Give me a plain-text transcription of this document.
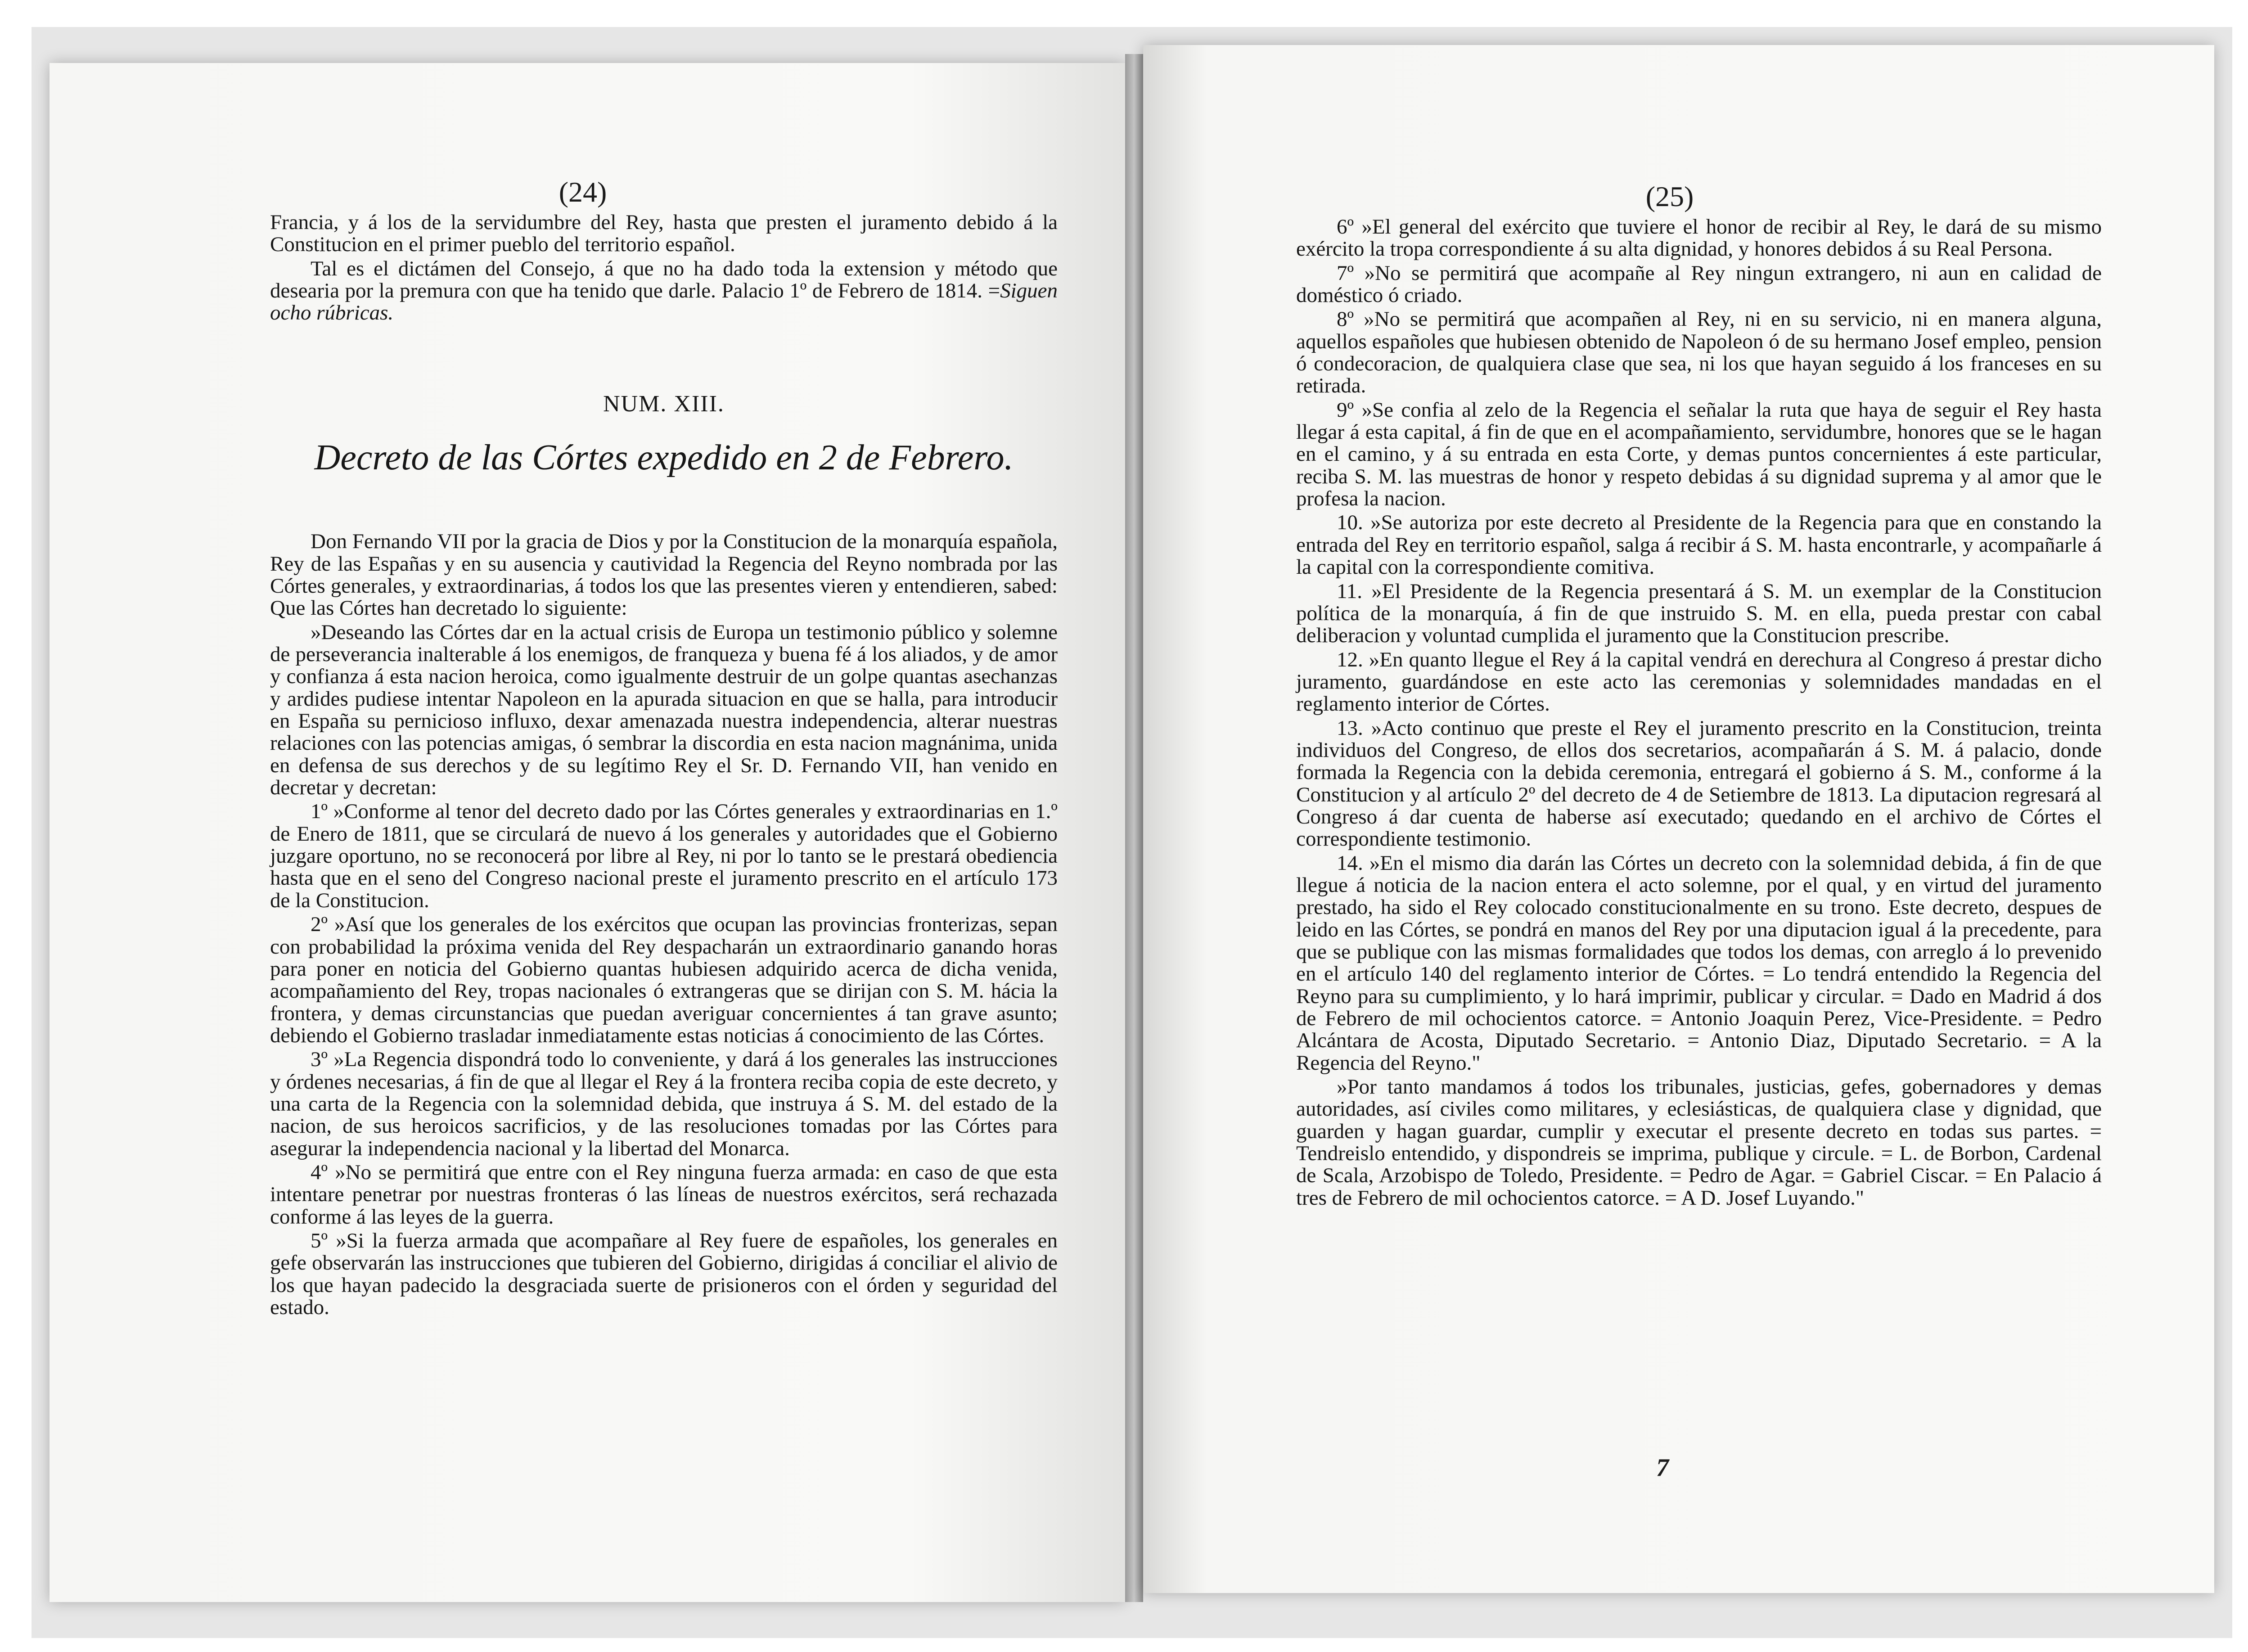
(24)

Francia, y á los de la servidumbre del Rey, hasta que presten el juramento debido á la Constitucion en el primer pueblo del territorio español.

Tal es el dictámen del Consejo, á que no ha dado toda la extension y método que desearia por la premura con que ha tenido que darle. Palacio 1º de Febrero de 1814. =Siguen ocho rúbricas.

NUM. XIII.

Decreto de las Córtes expedido en 2 de Febrero.

Don Fernando VII por la gracia de Dios y por la Constitucion de la monarquía española, Rey de las Españas y en su ausencia y cautividad la Regencia del Reyno nombrada por las Córtes generales, y extraordinarias, á todos los que las presentes vieren y entendieren, sabed: Que las Córtes han decretado lo siguiente:

»Deseando las Córtes dar en la actual crisis de Europa un testimonio público y solemne de perseverancia inalterable á los enemigos, de franqueza y buena fé á los aliados, y de amor y confianza á esta nacion heroica, como igualmente destruir de un golpe quantas asechanzas y ardides pudiese intentar Napoleon en la apurada situacion en que se halla, para introducir en España su pernicioso influxo, dexar amenazada nuestra independencia, alterar nuestras relaciones con las potencias amigas, ó sembrar la discordia en esta nacion magnánima, unida en defensa de sus derechos y de su legítimo Rey el Sr. D. Fernando VII, han venido en decretar y decretan:

1º »Conforme al tenor del decreto dado por las Córtes generales y extraordinarias en 1.º de Enero de 1811, que se circulará de nuevo á los generales y autoridades que el Gobierno juzgare oportuno, no se reconocerá por libre al Rey, ni por lo tanto se le prestará obediencia hasta que en el seno del Congreso nacional preste el juramento prescrito en el artículo 173 de la Constitucion.

2º »Así que los generales de los exércitos que ocupan las provincias fronterizas, sepan con probabilidad la próxima venida del Rey despacharán un extraordinario ganando horas para poner en noticia del Gobierno quantas hubiesen adquirido acerca de dicha venida, acompañamiento del Rey, tropas nacionales ó extrangeras que se dirijan con S. M. hácia la frontera, y demas circunstancias que puedan averiguar concernientes á tan grave asunto; debiendo el Gobierno trasladar inmediatamente estas noticias á conocimiento de las Córtes.

3º »La Regencia dispondrá todo lo conveniente, y dará á los generales las instrucciones y órdenes necesarias, á fin de que al llegar el Rey á la frontera reciba copia de este decreto, y una carta de la Regencia con la solemnidad debida, que instruya á S. M. del estado de la nacion, de sus heroicos sacrificios, y de las resoluciones tomadas por las Córtes para asegurar la independencia nacional y la libertad del Monarca.

4º »No se permitirá que entre con el Rey ninguna fuerza armada: en caso de que esta intentare penetrar por nuestras fronteras ó las líneas de nuestros exércitos, será rechazada conforme á las leyes de la guerra.

5º »Si la fuerza armada que acompañare al Rey fuere de españoles, los generales en gefe observarán las instrucciones que tubieren del Gobierno, dirigidas á conciliar el alivio de los que hayan padecido la desgraciada suerte de prisioneros con el órden y seguridad del estado.

(25)

6º »El general del exército que tuviere el honor de recibir al Rey, le dará de su mismo exército la tropa correspondiente á su alta dignidad, y honores debidos á su Real Persona.

7º »No se permitirá que acompañe al Rey ningun extrangero, ni aun en calidad de doméstico ó criado.

8º »No se permitirá que acompañen al Rey, ni en su servicio, ni en manera alguna, aquellos españoles que hubiesen obtenido de Napoleon ó de su hermano Josef empleo, pension ó condecoracion, de qualquiera clase que sea, ni los que hayan seguido á los franceses en su retirada.

9º »Se confia al zelo de la Regencia el señalar la ruta que haya de seguir el Rey hasta llegar á esta capital, á fin de que en el acompañamiento, servidumbre, honores que se le hagan en el camino, y á su entrada en esta Corte, y demas puntos concernientes á este particular, reciba S. M. las muestras de honor y respeto debidas á su dignidad suprema y al amor que le profesa la nacion.

10. »Se autoriza por este decreto al Presidente de la Regencia para que en constando la entrada del Rey en territorio español, salga á recibir á S. M. hasta encontrarle, y acompañarle á la capital con la correspondiente comitiva.

11. »El Presidente de la Regencia presentará á S. M. un exemplar de la Constitucion política de la monarquía, á fin de que instruido S. M. en ella, pueda prestar con cabal deliberacion y voluntad cumplida el juramento que la Constitucion prescribe.

12. »En quanto llegue el Rey á la capital vendrá en derechura al Congreso á prestar dicho juramento, guardándose en este acto las ceremonias y solemnidades mandadas en el reglamento interior de Córtes.

13. »Acto continuo que preste el Rey el juramento prescrito en la Constitucion, treinta individuos del Congreso, de ellos dos secretarios, acompañarán á S. M. á palacio, donde formada la Regencia con la debida ceremonia, entregará el gobierno á S. M., conforme á la Constitucion y al artículo 2º del decreto de 4 de Setiembre de 1813. La diputacion regresará al Congreso á dar cuenta de haberse así executado; quedando en el archivo de Córtes el correspondiente testimonio.

14. »En el mismo dia darán las Córtes un decreto con la solemnidad debida, á fin de que llegue á noticia de la nacion entera el acto solemne, por el qual, y en virtud del juramento prestado, ha sido el Rey colocado constitucionalmente en su trono. Este decreto, despues de leido en las Córtes, se pondrá en manos del Rey por una diputacion igual á la precedente, para que se publique con las mismas formalidades que todos los demas, con arreglo á lo prevenido en el artículo 140 del reglamento interior de Córtes. = Lo tendrá entendido la Regencia del Reyno para su cumplimiento, y lo hará imprimir, publicar y circular. = Dado en Madrid á dos de Febrero de mil ochocientos catorce. = Antonio Joaquin Perez, Vice-Presidente. = Pedro Alcántara de Acosta, Diputado Secretario. = Antonio Diaz, Diputado Secretario. = A la Regencia del Reyno."

»Por tanto mandamos á todos los tribunales, justicias, gefes, gobernadores y demas autoridades, así civiles como militares, y eclesiásticas, de qualquiera clase y dignidad, que guarden y hagan guardar, cumplir y executar el presente decreto en todas sus partes. = Tendreislo entendido, y dispondreis se imprima, publique y circule. = L. de Borbon, Cardenal de Scala, Arzobispo de Toledo, Presidente. = Pedro de Agar. = Gabriel Ciscar. = En Palacio á tres de Febrero de mil ochocientos catorce. = A D. Josef Luyando."

7
